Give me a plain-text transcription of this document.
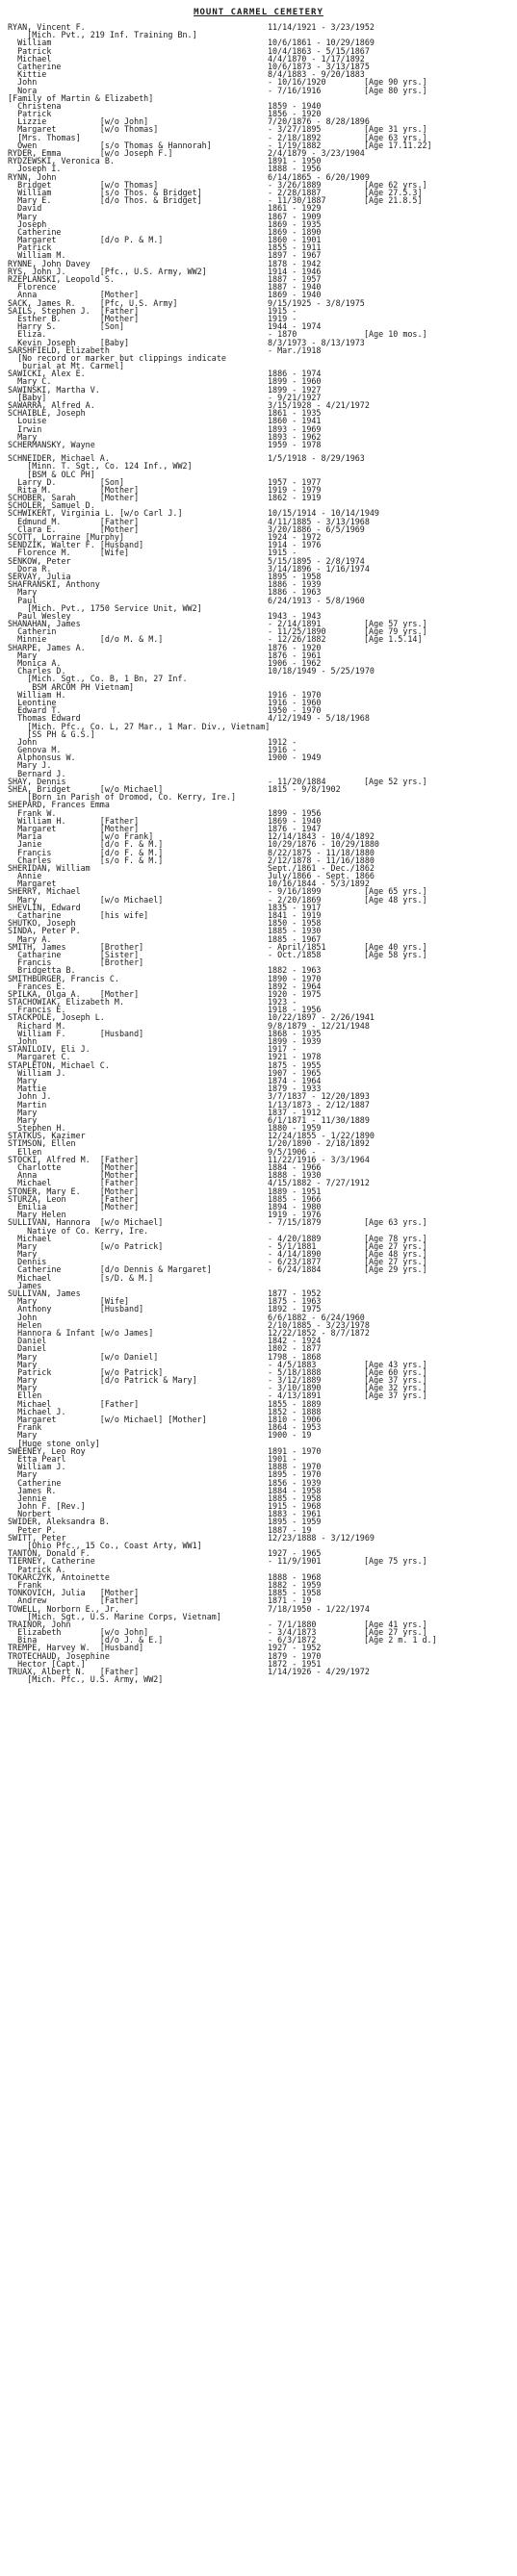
MOUNT CARMEL CEMETERY
RYAN, Vincent F.	11/14/1921 - 3/23/1952
[Mich. Pvt., 219 Inf. Training Bn.]
William	10/6/1861 - 10/29/1869
Patrick	10/4/1863 - 5/15/1867
Michael	4/4/1870 - 1/17/1892
Catherine	10/6/1873 - 3/13/1875
Kittie	8/4/1883 - 9/20/1883
John	- 10/16/1920	[Age 90 yrs.]
Nora	- 7/16/1916	[Age 80 yrs.]
[Family of Martin & Elizabeth]
Christena	1859 - 1940
Patrick	1856 - 1920
Lizzie           [w/o John]	7/20/1876 - 8/28/1896
Margaret         [w/o Thomas]	- 3/27/1895	[Age 31 yrs.]
[Mrs. Thomas]	- 2/18/1892	[Age 63 yrs.]
Owen             [s/o Thomas & Hannorah]	- 1/19/1882	[Age 17.11.22]
RYDER, Emma        [w/o Joseph F.]	2/4/1879 - 3/23/1904
RYDZEWSKI, Veronica B.	1891 - 1950
Joseph I.	1888 - 1956
RYNN, John	6/14/1865 - 6/20/1909
Bridget          [w/o Thomas]	- 3/26/1889	[Age 62 yrs.]
William          [s/o Thos. & Bridget]	- 2/28/1887	[Age 27.5.3]
Mary E.          [d/o Thos. & Bridget]	- 11/30/1887	[Age 21.8.5]
David	1861 - 1929
Mary	1867 - 1909
Joseph	1869 - 1935
Catherine	1869 - 1890
Margaret         [d/o P. & M.]	1860 - 1901
Patrick	1855 - 1911
William M.	1897 - 1967
RYNNE, John Davey	1878 - 1942
RYS, John J.       [Pfc., U.S. Army, WW2]	1914 - 1946
RZEPLANSKI, Leopold S.	1887 - 1957
Florence	1887 - 1940
Anna             [Mother]	1869 - 1940
SACK, James R.     [Pfc, U.S. Army]	9/15/1925 - 3/8/1975
SAILS, Stephen J.  [Father]	1915 -
Esther B.        [Mother]	1919 -
Harry S.         [Son]	1944 - 1974
Eliza.	- 1870	[Age 10 mos.]
Kevin Joseph     [Baby]	8/3/1973 - 8/13/1973
SARSHFIELD, Elizabeth	- Mar./1918
[No record or marker but clippings indicate
burial at Mt. Carmel]
SAWICKI, Alex E.	1886 - 1974
Mary C.	1899 - 1960
SAWINSKI, Martha V.	1899 - 1927
[Baby]	- 9/21/1927
SAWARRA, Alfred A.	3/15/1928 - 4/21/1972
SCHAIBLE, Joseph	1861 - 1935
Louise	1860 - 1941
Irwin	1893 - 1969
Mary	1893 - 1962
SCHERMANSKY, Wayne	1959 - 1978
SCHNEIDER, Michael A.	1/5/1918 - 8/29/1963
[Minn. T. Sgt., Co. 124 Inf., WW2]
[BSM & OLC PH]
Larry D.         [Son]	1957 - 1977
Rita M.          [Mother]	1919 - 1979
SCHOBER, Sarah     [Mother]	1862 - 1919
SCHOLER, Samuel D.
SCHWIKERT, Virginia L. [w/o Carl J.]	10/15/1914 - 10/14/1949
Edmund M.        [Father]	4/11/1885 - 3/13/1968
Clara E.         [Mother]	3/20/1886 - 6/5/1969
SCOTT, Lorraine [Murphy]	1924 - 1972
SENDZIK, Walter F. [Husband]	1914 - 1976
Florence M.      [Wife]	1915 -
SENKOW, Peter	5/15/1895 - 2/8/1974
Dora R.	3/14/1896 - 1/16/1974
SERVAY, Julia	1895 - 1958
SHAFRANSKI, Anthony	1886 - 1939
Mary	1886 - 1963
Paul	6/24/1913 - 5/8/1960
[Mich. Pvt., 1750 Service Unit, WW2]
Paul Wesley	1943 - 1943
SHANAHAN, James	- 2/14/1891	[Age 57 yrs.]
Catherin	- 11/25/1890	[Age 79 yrs.]
Minnie           [d/o M. & M.]	- 12/26/1882	[Age 1.5.14]
SHARPE, James A.	1876 - 1920
Mary	1876 - 1961
Monica A.	1906 - 1962
Charles D.	10/18/1949 - 5/25/1970
[Mich. Sgt., Co. B, 1 Bn, 27 Inf.
BSM ARCOM PH Vietnam]
William H.	1916 - 1970
Leontine	1916 - 1960
Edward T.	1950 - 1970
Thomas Edward	4/12/1949 - 5/18/1968
[Mich. Pfc., Co. L, 27 Mar., 1 Mar. Div., Vietnam]
[SS PH & G.S.]
John	1912 -
Genova M.	1916 -
Alphonsus W.	1900 - 1949
Mary J.
Bernard J.
SHAY, Dennis	- 11/20/1884	[Age 52 yrs.]
SHEA, Bridget      [w/o Michael]	1815 - 9/8/1902
[Born in Parish of Dromod, Co. Kerry, Ire.]
SHEPARD, Frances Emma
Frank W.	1899 - 1956
William H.       [Father]	1869 - 1940
Margaret         [Mother]	1876 - 1947
Maria            [w/o Frank]	12/14/1843 - 10/4/1892
Janie            [d/o F. & M.]	10/29/1876 - 10/29/1880
Francis          [d/o F. & M.]	8/22/1875 - 11/18/1880
Charles          [s/o F. & M.]	2/12/1878 - 11/16/1880
SHERIDAN, William	Sept./1861 - Dec./1862
Annie	July/1866 - Sept. 1866
Margaret	10/16/1844 - 5/3/1892
SHERRY, Michael	- 9/16/1899	[Age 65 yrs.]
Mary             [w/o Michael]	- 2/20/1869	[Age 48 yrs.]
SHEVLIN, Edward	1835 - 1917
Catharine        [his wife]	1841 - 1919
SHUTKO, Joseph	1850 - 1958
SINDA, Peter P.	1885 - 1930
Mary A.	1885 - 1967
SMITH, James       [Brother]	- April/1851	[Age 40 yrs.]
Catharine        [Sister]	- Oct./1858	[Age 58 yrs.]
Francis          [Brother]
Bridgetta B.	1882 - 1963
SMITHBURGER, Francis C.	1890 - 1970
Frances E.	1892 - 1964
SPILKA, Olga A.    [Mother]	1920 - 1975
STACHOWIAK, Elizabeth M.	1923 -
Francis E.	1918 - 1956
STACKPOLE, Joseph L.	10/22/1897 - 2/26/1941
Richard M.	9/8/1879 - 12/21/1948
William F.       [Husband]	1868 - 1935
John	1899 - 1939
STANILOIV, Eli J.	1917 -
Margaret C.	1921 - 1978
STAPLETON, Michael C.	1875 - 1955
William J.	1907 - 1965
Mary	1874 - 1964
Mattie	1879 - 1933
John J.	3/7/1837 - 12/20/1893
Martin	1/13/1873 - 2/12/1887
Mary	1837 - 1912
Mary	6/1/1871 - 11/30/1889
Stephen H.	1880 - 1959
STATKUS, Kazimer	12/24/1855 - 1/22/1890
STIMSON, Ellen	1/20/1890 - 2/18/1892
Ellen	9/5/1906 -
STOCKI, Alfred M.  [Father]	11/22/1916 - 3/3/1964
Charlotte        [Mother]	1884 - 1966
Anna             [Mother]	1888 - 1930
Michael          [Father]	4/15/1882 - 7/27/1912
STONER, Mary E.    [Mother]	1889 - 1951
STURZA, Leon       [Father]	1885 - 1966
Emilia           [Mother]	1894 - 1980
Mary Helen	1919 - 1976
SULLIVAN, Hannora  [w/o Michael]	- 7/15/1879	[Age 63 yrs.]
Native of Co. Kerry, Ire.
Michael	- 4/20/1889	[Age 78 yrs.]
Mary             [w/o Patrick]	- 5/1/1881	[Age 27 yrs.]
Mary	- 4/14/1890	[Age 48 yrs.]
Dennis	- 6/23/1877	[Age 27 yrs.]
Catherine        [d/o Dennis & Margaret]	- 6/24/1884	[Age 29 yrs.]
Michael          [s/D. & M.]
James
SULLIVAN, James	1877 - 1952
Mary             [Wife]	1875 - 1963
Anthony          [Husband]	1892 - 1975
John	6/6/1882 - 6/24/1960
Helen	2/10/1885 - 3/23/1978
Hannora & Infant [w/o James]	12/22/1852 - 8/7/1872
Daniel	1842 - 1924
Daniel	1802 - 1877
Mary             [w/o Daniel]	1798 - 1868
Mary	- 4/5/1883	[Age 43 yrs.]
Patrick          [w/o Patrick]	- 5/18/1888	[Age 60 yrs.]
Mary             [d/o Patrick & Mary]	- 3/12/1889	[Age 37 yrs.]
Mary	- 3/10/1890	[Age 32 yrs.]
Ellen	- 4/13/1891	[Age 37 yrs.]
Michael          [Father]	1855 - 1889
Michael J.	1852 - 1888
Margaret         [w/o Michael] [Mother]	1810 - 1906
Frank	1864 - 1953
Mary	1900 - 19
[Huge stone only]
SWEENEY, Leo Roy	1891 - 1970
Etta Pearl	1901 -
William J.	1888 - 1970
Mary	1895 - 1970
Catherine	1856 - 1939
James R.	1884 - 1958
Jennie	1885 - 1958
John F. [Rev.]	1915 - 1968
Norbert	1883 - 1961
SWIDER, Aleksandra B.	1895 - 1959
Peter P.	1887 - 19
SWITT, Peter	12/23/1888 - 3/12/1969
[Ohio Pfc., 15 Co., Coast Arty, WW1]
TANTON, Donald F.	1927 - 1965
TIERNEY, Catherine	- 11/9/1901	[Age 75 yrs.]
Patrick A.
TOKARCZYK, Antoinette	1888 - 1968
Frank	1882 - 1959
TONKOVICH, Julia   [Mother]	1885 - 1958
Andrew           [Father]	1871 - 19
TOWELL, Norborn E., Jr.	7/18/1950 - 1/22/1974
[Mich. Sgt., U.S. Marine Corps, Vietnam]
TRAINOR, John	- 7/1/1880	[Age 41 yrs.]
Elizabeth        [w/o John]	- 3/4/1873	[Age 27 yrs.]
Bina             [d/o J. & E.]	- 6/3/1872	[Age 2 m. 1 d.]
TREMPE, Harvey W.  [Husband]	1927 - 1952
TROTECHAUD, Josephine	1879 - 1970
Hector [Capt.]	1872 - 1951
TRUAX, Albert N.   [Father]	1/14/1926 - 4/29/1972
[Mich. Pfc., U.S. Army, WW2]
